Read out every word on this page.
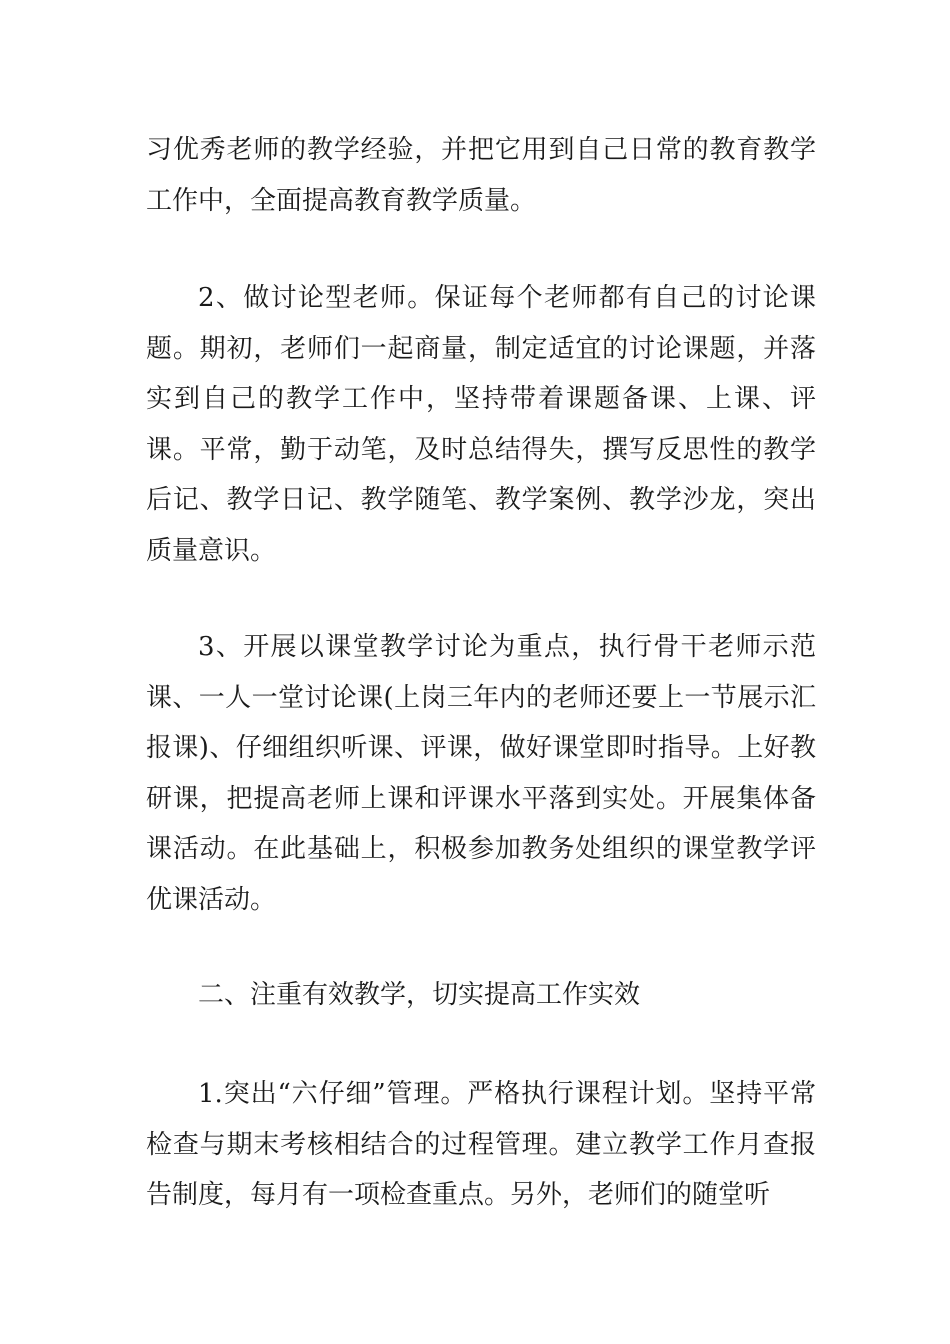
习优秀老师的教学经验，并把它用到自己日常的教育教学工作中，全面提高教育教学质量。

2、做讨论型老师。保证每个老师都有自己的讨论课题。期初，老师们一起商量，制定适宜的讨论课题，并落实到自己的教学工作中，坚持带着课题备课、上课、评课。平常，勤于动笔，及时总结得失，撰写反思性的教学后记、教学日记、教学随笔、教学案例、教学沙龙，突出质量意识。

3、开展以课堂教学讨论为重点，执行骨干老师示范课、一人一堂讨论课(上岗三年内的老师还要上一节展示汇报课)、仔细组织听课、评课，做好课堂即时指导。上好教研课，把提高老师上课和评课水平落到实处。开展集体备课活动。在此基础上，积极参加教务处组织的课堂教学评优课活动。

二、注重有效教学，切实提高工作实效

1.突出“六仔细”管理。严格执行课程计划。坚持平常检查与期末考核相结合的过程管理。建立教学工作月查报告制度，每月有一项检查重点。另外，老师们的随堂听
